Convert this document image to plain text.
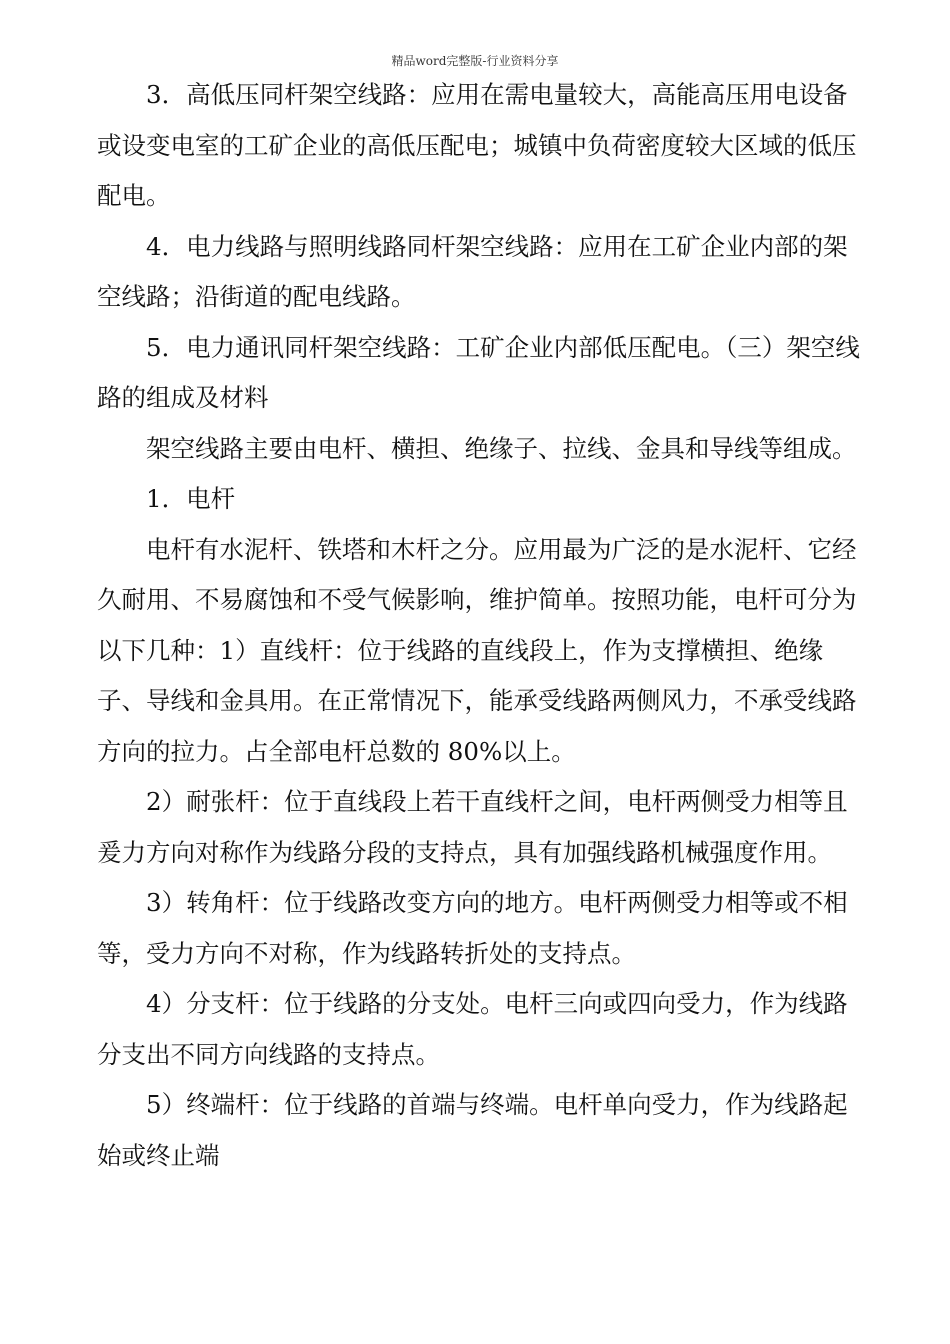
精品word完整版-行业资料分享

3．高低压同杆架空线路：应用在需电量较大，高能高压用电设备或设变电室的工矿企业的高低压配电；城镇中负荷密度较大区域的低压配电。

4．电力线路与照明线路同杆架空线路：应用在工矿企业内部的架空线路；沿街道的配电线路。

5．电力通讯同杆架空线路：工矿企业内部低压配电。（三）架空线路的组成及材料

架空线路主要由电杆、横担、绝缘子、拉线、金具和导线等组成。

1．电杆

电杆有水泥杆、铁塔和木杆之分。应用最为广泛的是水泥杆、它经久耐用、不易腐蚀和不受气候影响，维护简单。按照功能，电杆可分为以下几种：1）直线杆：位于线路的直线段上，作为支撑横担、绝缘子、导线和金具用。在正常情况下，能承受线路两侧风力，不承受线路方向的拉力。占全部电杆总数的 80%以上。

2）耐张杆：位于直线段上若干直线杆之间，电杆两侧受力相等且爰力方向对称作为线路分段的支持点，具有加强线路机械强度作用。

3）转角杆：位于线路改变方向的地方。电杆两侧受力相等或不相等，受力方向不对称，作为线路转折处的支持点。

4）分支杆：位于线路的分支处。电杆三向或四向受力，作为线路分支出不同方向线路的支持点。

5）终端杆：位于线路的首端与终端。电杆单向受力，作为线路起始或终止端
